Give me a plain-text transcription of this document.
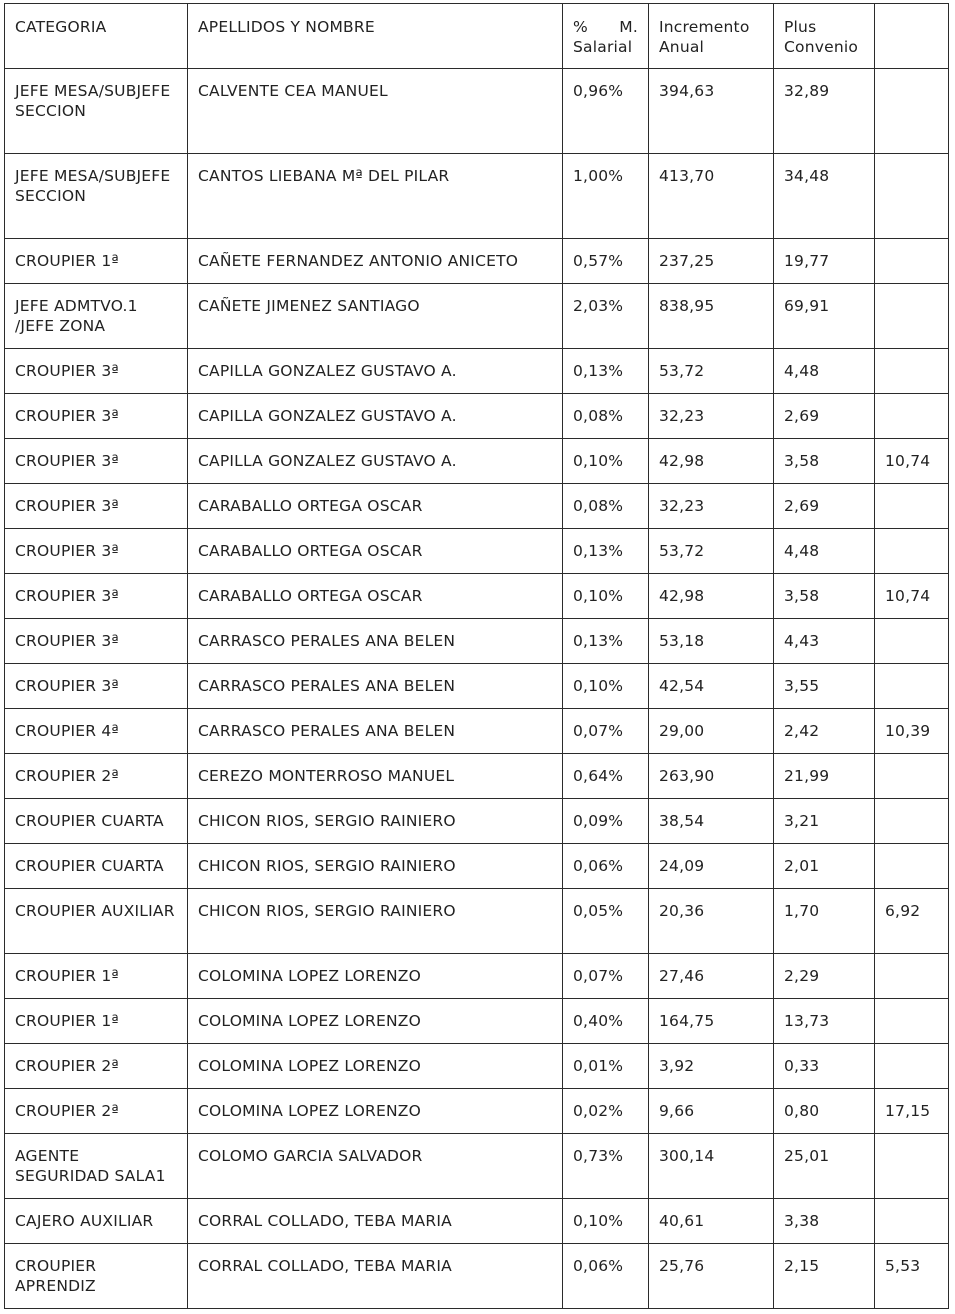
CATEGORIA	APELLIDOS Y NOMBRE	% M. Salarial	Incremento Anual	Plus Convenio	
JEFE MESA/SUBJEFE SECCION	CALVENTE CEA MANUEL	0,96%	394,63	32,89	
JEFE MESA/SUBJEFE SECCION	CANTOS LIEBANA Mª DEL PILAR	1,00%	413,70	34,48	
CROUPIER 1ª	CAÑETE FERNANDEZ ANTONIO ANICETO	0,57%	237,25	19,77	
JEFE ADMTVO.1 /JEFE ZONA	CAÑETE JIMENEZ SANTIAGO	2,03%	838,95	69,91	
CROUPIER 3ª	CAPILLA GONZALEZ GUSTAVO A.	0,13%	53,72	4,48	
CROUPIER 3ª	CAPILLA GONZALEZ GUSTAVO A.	0,08%	32,23	2,69	
CROUPIER 3ª	CAPILLA GONZALEZ GUSTAVO A.	0,10%	42,98	3,58	10,74
CROUPIER 3ª	CARABALLO ORTEGA OSCAR	0,08%	32,23	2,69	
CROUPIER 3ª	CARABALLO ORTEGA OSCAR	0,13%	53,72	4,48	
CROUPIER 3ª	CARABALLO ORTEGA OSCAR	0,10%	42,98	3,58	10,74
CROUPIER 3ª	CARRASCO PERALES ANA BELEN	0,13%	53,18	4,43	
CROUPIER 3ª	CARRASCO PERALES ANA BELEN	0,10%	42,54	3,55	
CROUPIER 4ª	CARRASCO PERALES ANA BELEN	0,07%	29,00	2,42	10,39
CROUPIER 2ª	CEREZO MONTERROSO MANUEL	0,64%	263,90	21,99	
CROUPIER CUARTA	CHICON RIOS, SERGIO RAINIERO	0,09%	38,54	3,21	
CROUPIER CUARTA	CHICON RIOS, SERGIO RAINIERO	0,06%	24,09	2,01	
CROUPIER AUXILIAR	CHICON RIOS, SERGIO RAINIERO	0,05%	20,36	1,70	6,92
CROUPIER 1ª	COLOMINA LOPEZ LORENZO	0,07%	27,46	2,29	
CROUPIER 1ª	COLOMINA LOPEZ LORENZO	0,40%	164,75	13,73	
CROUPIER 2ª	COLOMINA LOPEZ LORENZO	0,01%	3,92	0,33	
CROUPIER 2ª	COLOMINA LOPEZ LORENZO	0,02%	9,66	0,80	17,15
AGENTE SEGURIDAD SALA1	COLOMO GARCIA SALVADOR	0,73%	300,14	25,01	
CAJERO AUXILIAR	CORRAL COLLADO, TEBA MARIA	0,10%	40,61	3,38	
CROUPIER APRENDIZ	CORRAL COLLADO, TEBA MARIA	0,06%	25,76	2,15	5,53
